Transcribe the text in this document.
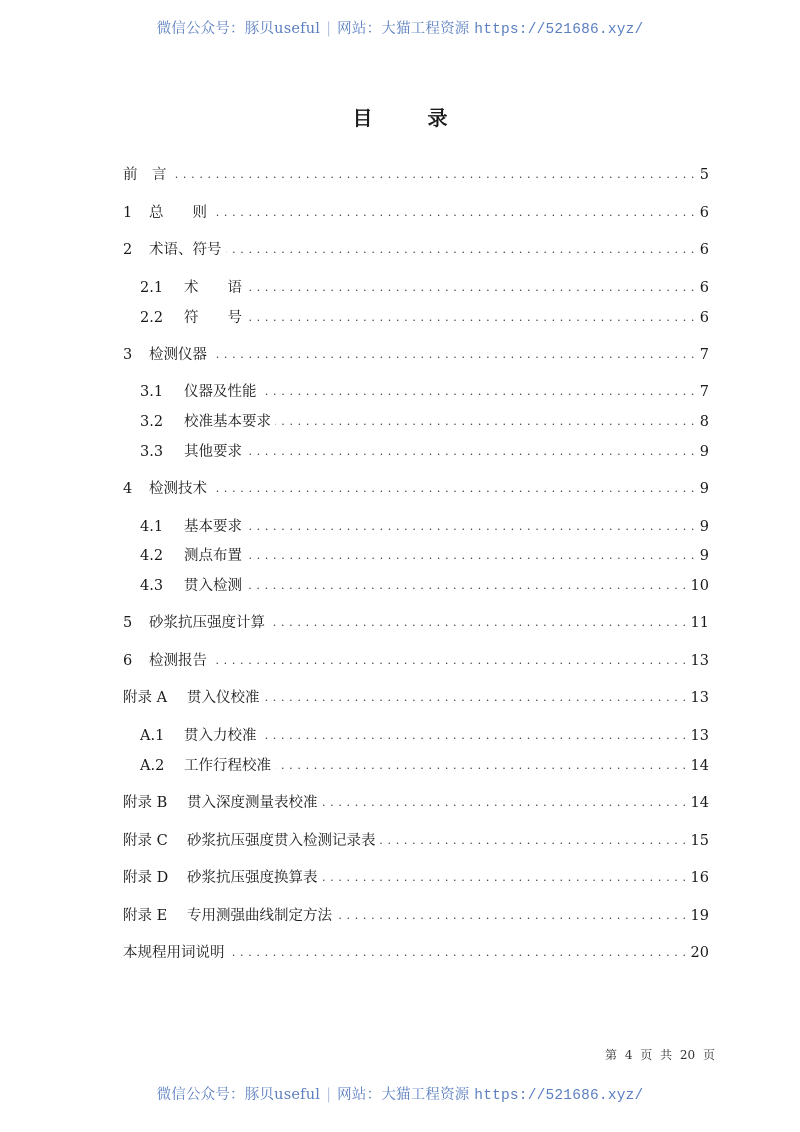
微信公众号：豚贝useful | 网站：大猫工程资源 https://521686.xyz/
目 录
前　言 . . .	5
1	总　　则 . . .	6
2	术语、符号 . . .	6
2.1	术　　语 . . .	6
2.2	符　　号 . . .	6
3	检测仪器 . . .	7
3.1	仪器及性能 . . .	7
3.2	校准基本要求 . . .	8
3.3	其他要求 . . .	9
4	检测技术 . . .	9
4.1	基本要求 . . .	9
4.2	测点布置 . . .	9
4.3	贯入检测 . . .	10
5	砂浆抗压强度计算 . . .	11
6	检测报告 . . .	13
附录 A 贯入仪校准 . . .	13
A.1	贯入力校准 . . .	13
A.2	工作行程校准 . . .	14
附录 B 贯入深度测量表校准 . . .	14
附录 C 砂浆抗压强度贯入检测记录表 . . .	15
附录 D 砂浆抗压强度换算表 . . .	16
附录 E 专用测强曲线制定方法 . . .	19
本规程用词说明 . . .	20
第 4 页 共 20 页
微信公众号：豚贝useful | 网站：大猫工程资源 https://521686.xyz/
